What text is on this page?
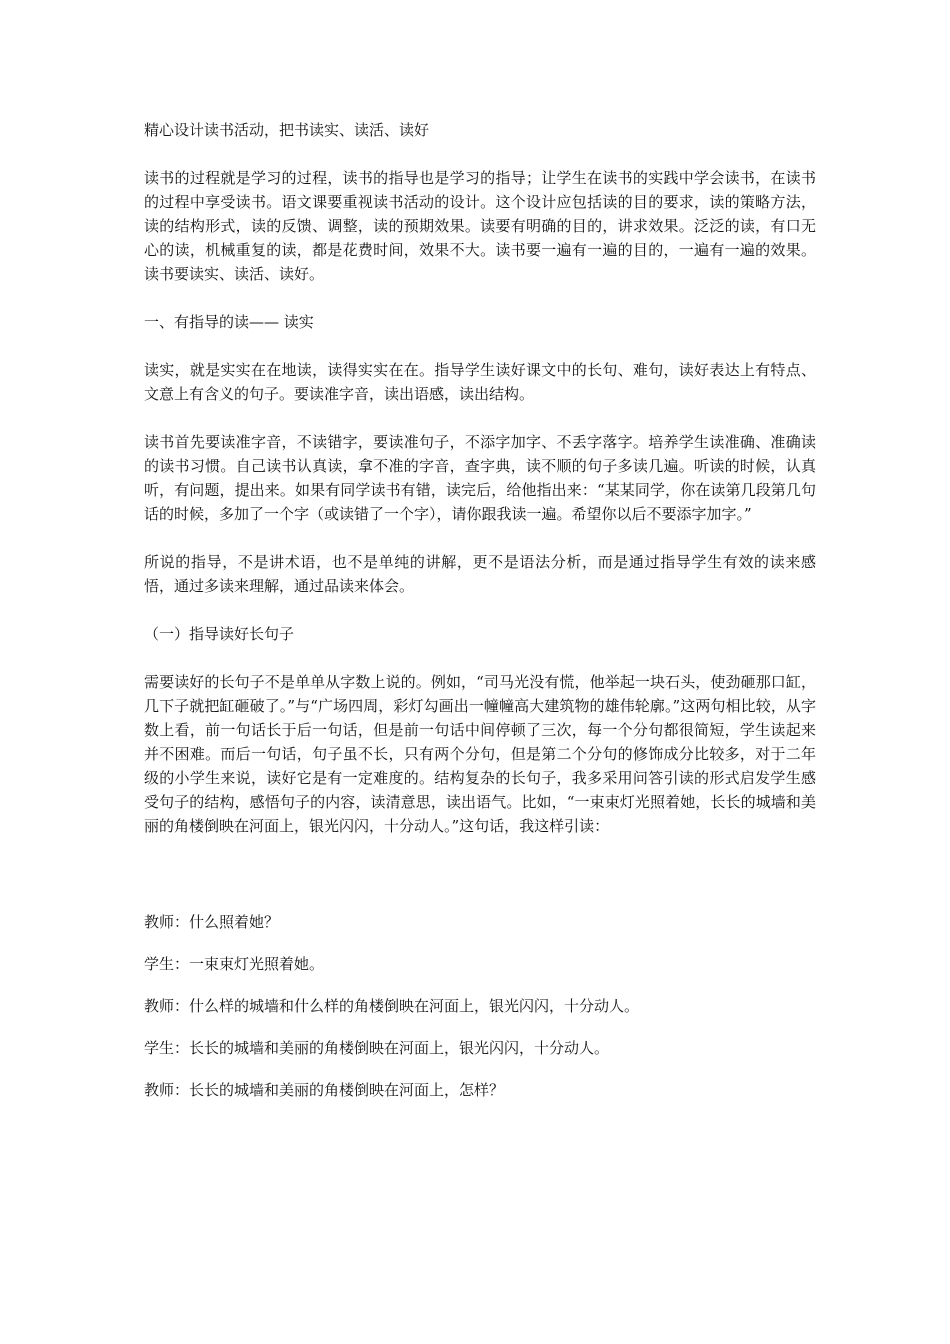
精心设计读书活动，把书读实、读活、读好

读书的过程就是学习的过程，读书的指导也是学习的指导；让学生在读书的实践中学会读书，在读书的过程中享受读书。语文课要重视读书活动的设计。这个设计应包括读的目的要求，读的策略方法，读的结构形式，读的反馈、调整，读的预期效果。读要有明确的目的，讲求效果。泛泛的读，有口无心的读，机械重复的读，都是花费时间，效果不大。读书要一遍有一遍的目的，一遍有一遍的效果。读书要读实、读活、读好。

一、有指导的读—— 读实

读实，就是实实在在地读，读得实实在在。指导学生读好课文中的长句、难句，读好表达上有特点、文意上有含义的句子。要读准字音，读出语感，读出结构。

读书首先要读准字音，不读错字，要读准句子，不添字加字、不丢字落字。培养学生读准确、准确读的读书习惯。自己读书认真读，拿不准的字音，查字典，读不顺的句子多读几遍。听读的时候，认真听，有问题，提出来。如果有同学读书有错，读完后，给他指出来：“某某同学，你在读第几段第几句话的时候，多加了一个字（或读错了一个字），请你跟我读一遍。希望你以后不要添字加字。”

所说的指导，不是讲术语，也不是单纯的讲解，更不是语法分析，而是通过指导学生有效的读来感悟，通过多读来理解，通过品读来体会。

（一）指导读好长句子

需要读好的长句子不是单单从字数上说的。例如，“司马光没有慌，他举起一块石头，使劲砸那口缸，几下子就把缸砸破了。”与“广场四周，彩灯勾画出一幢幢高大建筑物的雄伟轮廓。”这两句相比较，从字数上看，前一句话长于后一句话，但是前一句话中间停顿了三次，每一个分句都很简短，学生读起来并不困难。而后一句话，句子虽不长，只有两个分句，但是第二个分句的修饰成分比较多，对于二年级的小学生来说，读好它是有一定难度的。结构复杂的长句子，我多采用问答引读的形式启发学生感受句子的结构，感悟句子的内容，读清意思，读出语气。比如，“一束束灯光照着她，长长的城墙和美丽的角楼倒映在河面上，银光闪闪，十分动人。”这句话，我这样引读：

教师：什么照着她？

学生：一束束灯光照着她。

教师：什么样的城墙和什么样的角楼倒映在河面上，银光闪闪，十分动人。

学生：长长的城墙和美丽的角楼倒映在河面上，银光闪闪，十分动人。

教师：长长的城墙和美丽的角楼倒映在河面上，怎样？
